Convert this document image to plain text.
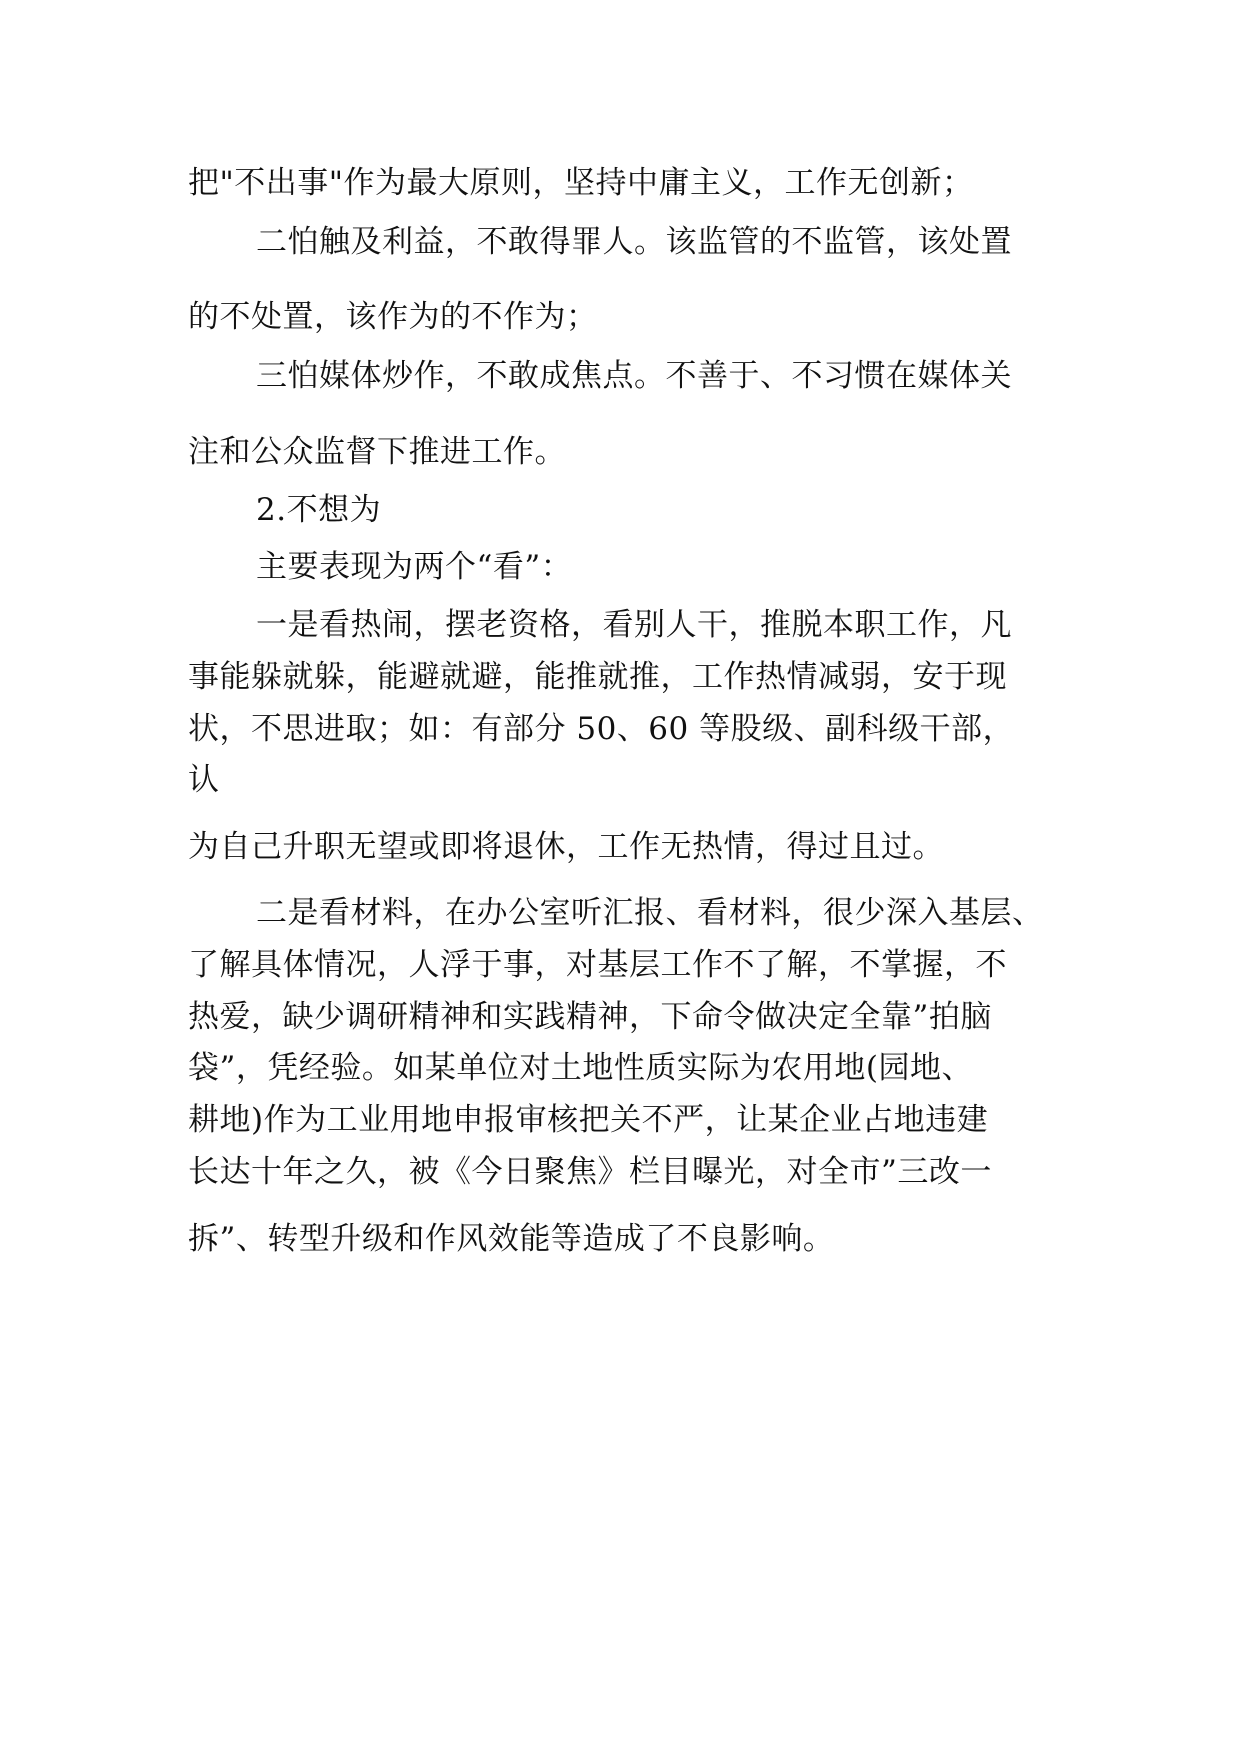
把"不出事"作为最大原则，坚持中庸主义，工作无创新；
二怕触及利益，不敢得罪人。该监管的不监管，该处置
的不处置，该作为的不作为；
三怕媒体炒作，不敢成焦点。不善于、不习惯在媒体关
注和公众监督下推进工作。
2.不想为
主要表现为两个“看”：
一是看热闹，摆老资格，看别人干，推脱本职工作，凡
事能躲就躲，能避就避，能推就推，工作热情减弱，安于现
状，不思进取；如：有部分 50、60 等股级、副科级干部，
认
为自己升职无望或即将退休，工作无热情，得过且过。
二是看材料，在办公室听汇报、看材料，很少深入基层、
了解具体情况，人浮于事，对基层工作不了解，不掌握，不
热爱，缺少调研精神和实践精神，下命令做决定全靠”拍脑
袋”，凭经验。如某单位对土地性质实际为农用地(园地、
耕地)作为工业用地申报审核把关不严，让某企业占地违建
长达十年之久，被《今日聚焦》栏目曝光，对全市”三改一
拆”、转型升级和作风效能等造成了不良影响。
